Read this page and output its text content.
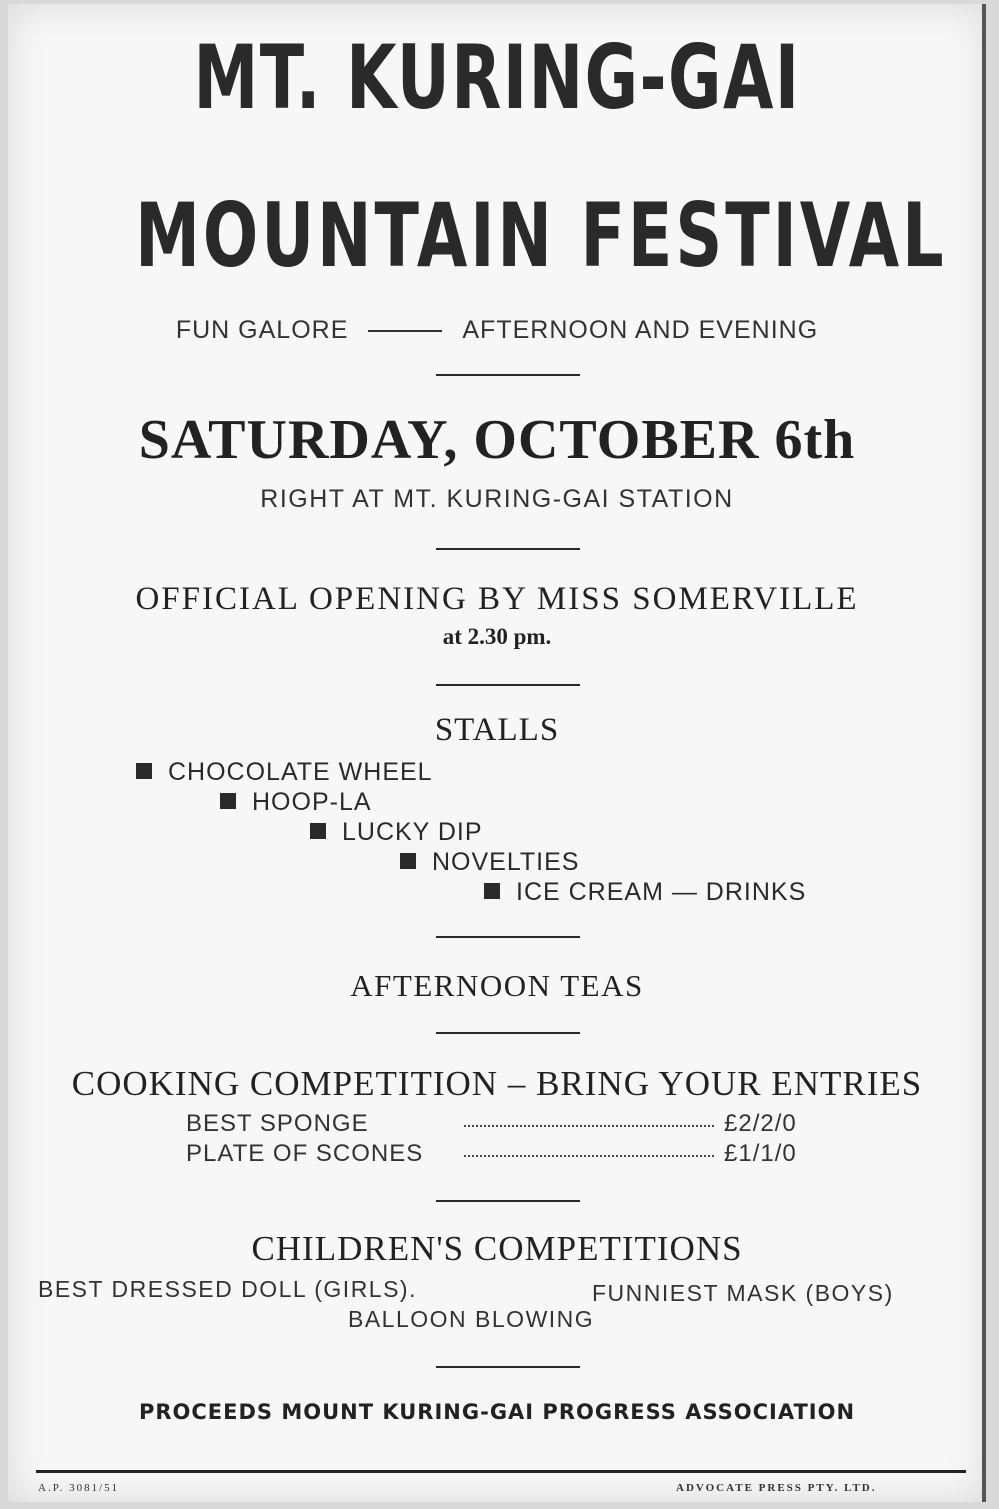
MT. KURING-GAI
MOUNTAIN FESTIVAL
FUN GALORE	AFTERNOON AND EVENING
SATURDAY, OCTOBER 6th
RIGHT AT MT. KURING-GAI STATION
OFFICIAL OPENING BY MISS SOMERVILLE
at 2.30 pm.
STALLS
CHOCOLATE WHEEL
HOOP-LA
LUCKY DIP
NOVELTIES
ICE CREAM — DRINKS
AFTERNOON TEAS
COOKING COMPETITION – BRING YOUR ENTRIES
BEST SPONGE	£2/2/0
PLATE OF SCONES	£1/1/0
CHILDREN'S COMPETITIONS
BEST DRESSED DOLL (GIRLS).	FUNNIEST MASK (BOYS)
BALLOON BLOWING
PROCEEDS MOUNT KURING-GAI PROGRESS ASSOCIATION
A.P. 3081/51	ADVOCATE PRESS PTY. LTD.
